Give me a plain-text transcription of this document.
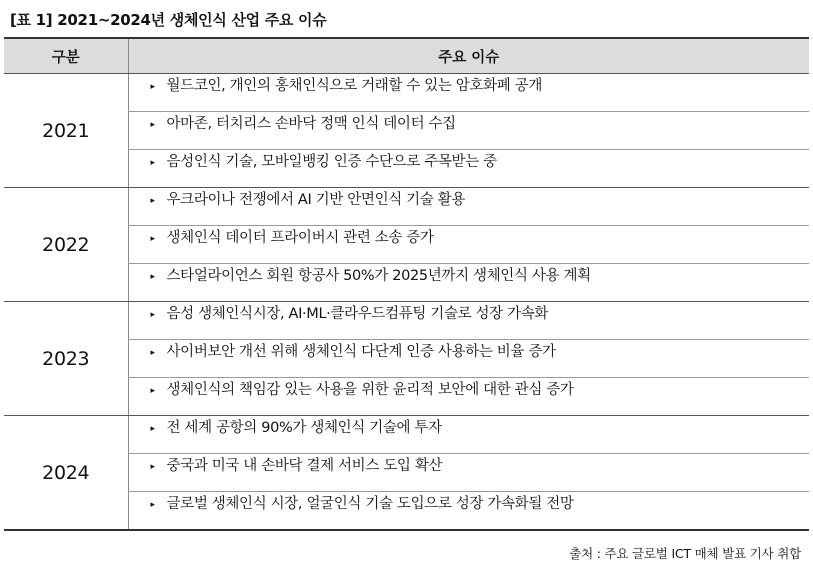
[표 1] 2021~2024년 생체인식 산업 주요 이슈
구분	주요 이슈
2021	▸ 월드코인, 개인의 홍채인식으로 거래할 수 있는 암호화폐 공개

	▸ 아마존, 터치리스 손바닥 정맥 인식 데이터 수집

	▸ 음성인식 기술, 모바일뱅킹 인증 수단으로 주목받는 중

2022	▸ 우크라이나 전쟁에서 AI 기반 안면인식 기술 활용

	▸ 생체인식 데이터 프라이버시 관련 소송 증가

	▸ 스타얼라이언스 회원 항공사 50%가 2025년까지 생체인식 사용 계획

2023	▸ 음성 생체인식시장, AI·ML·클라우드컴퓨팅 기술로 성장 가속화

	▸ 사이버보안 개선 위해 생체인식 다단계 인증 사용하는 비율 증가

	▸ 생체인식의 책임감 있는 사용을 위한 윤리적 보안에 대한 관심 증가

2024	▸ 전 세계 공항의 90%가 생체인식 기술에 투자

	▸ 중국과 미국 내 손바닥 결제 서비스 도입 확산

	▸ 글로벌 생체인식 시장, 얼굴인식 기술 도입으로 성장 가속화될 전망
출처 : 주요 글로벌 ICT 매체 발표 기사 취합
